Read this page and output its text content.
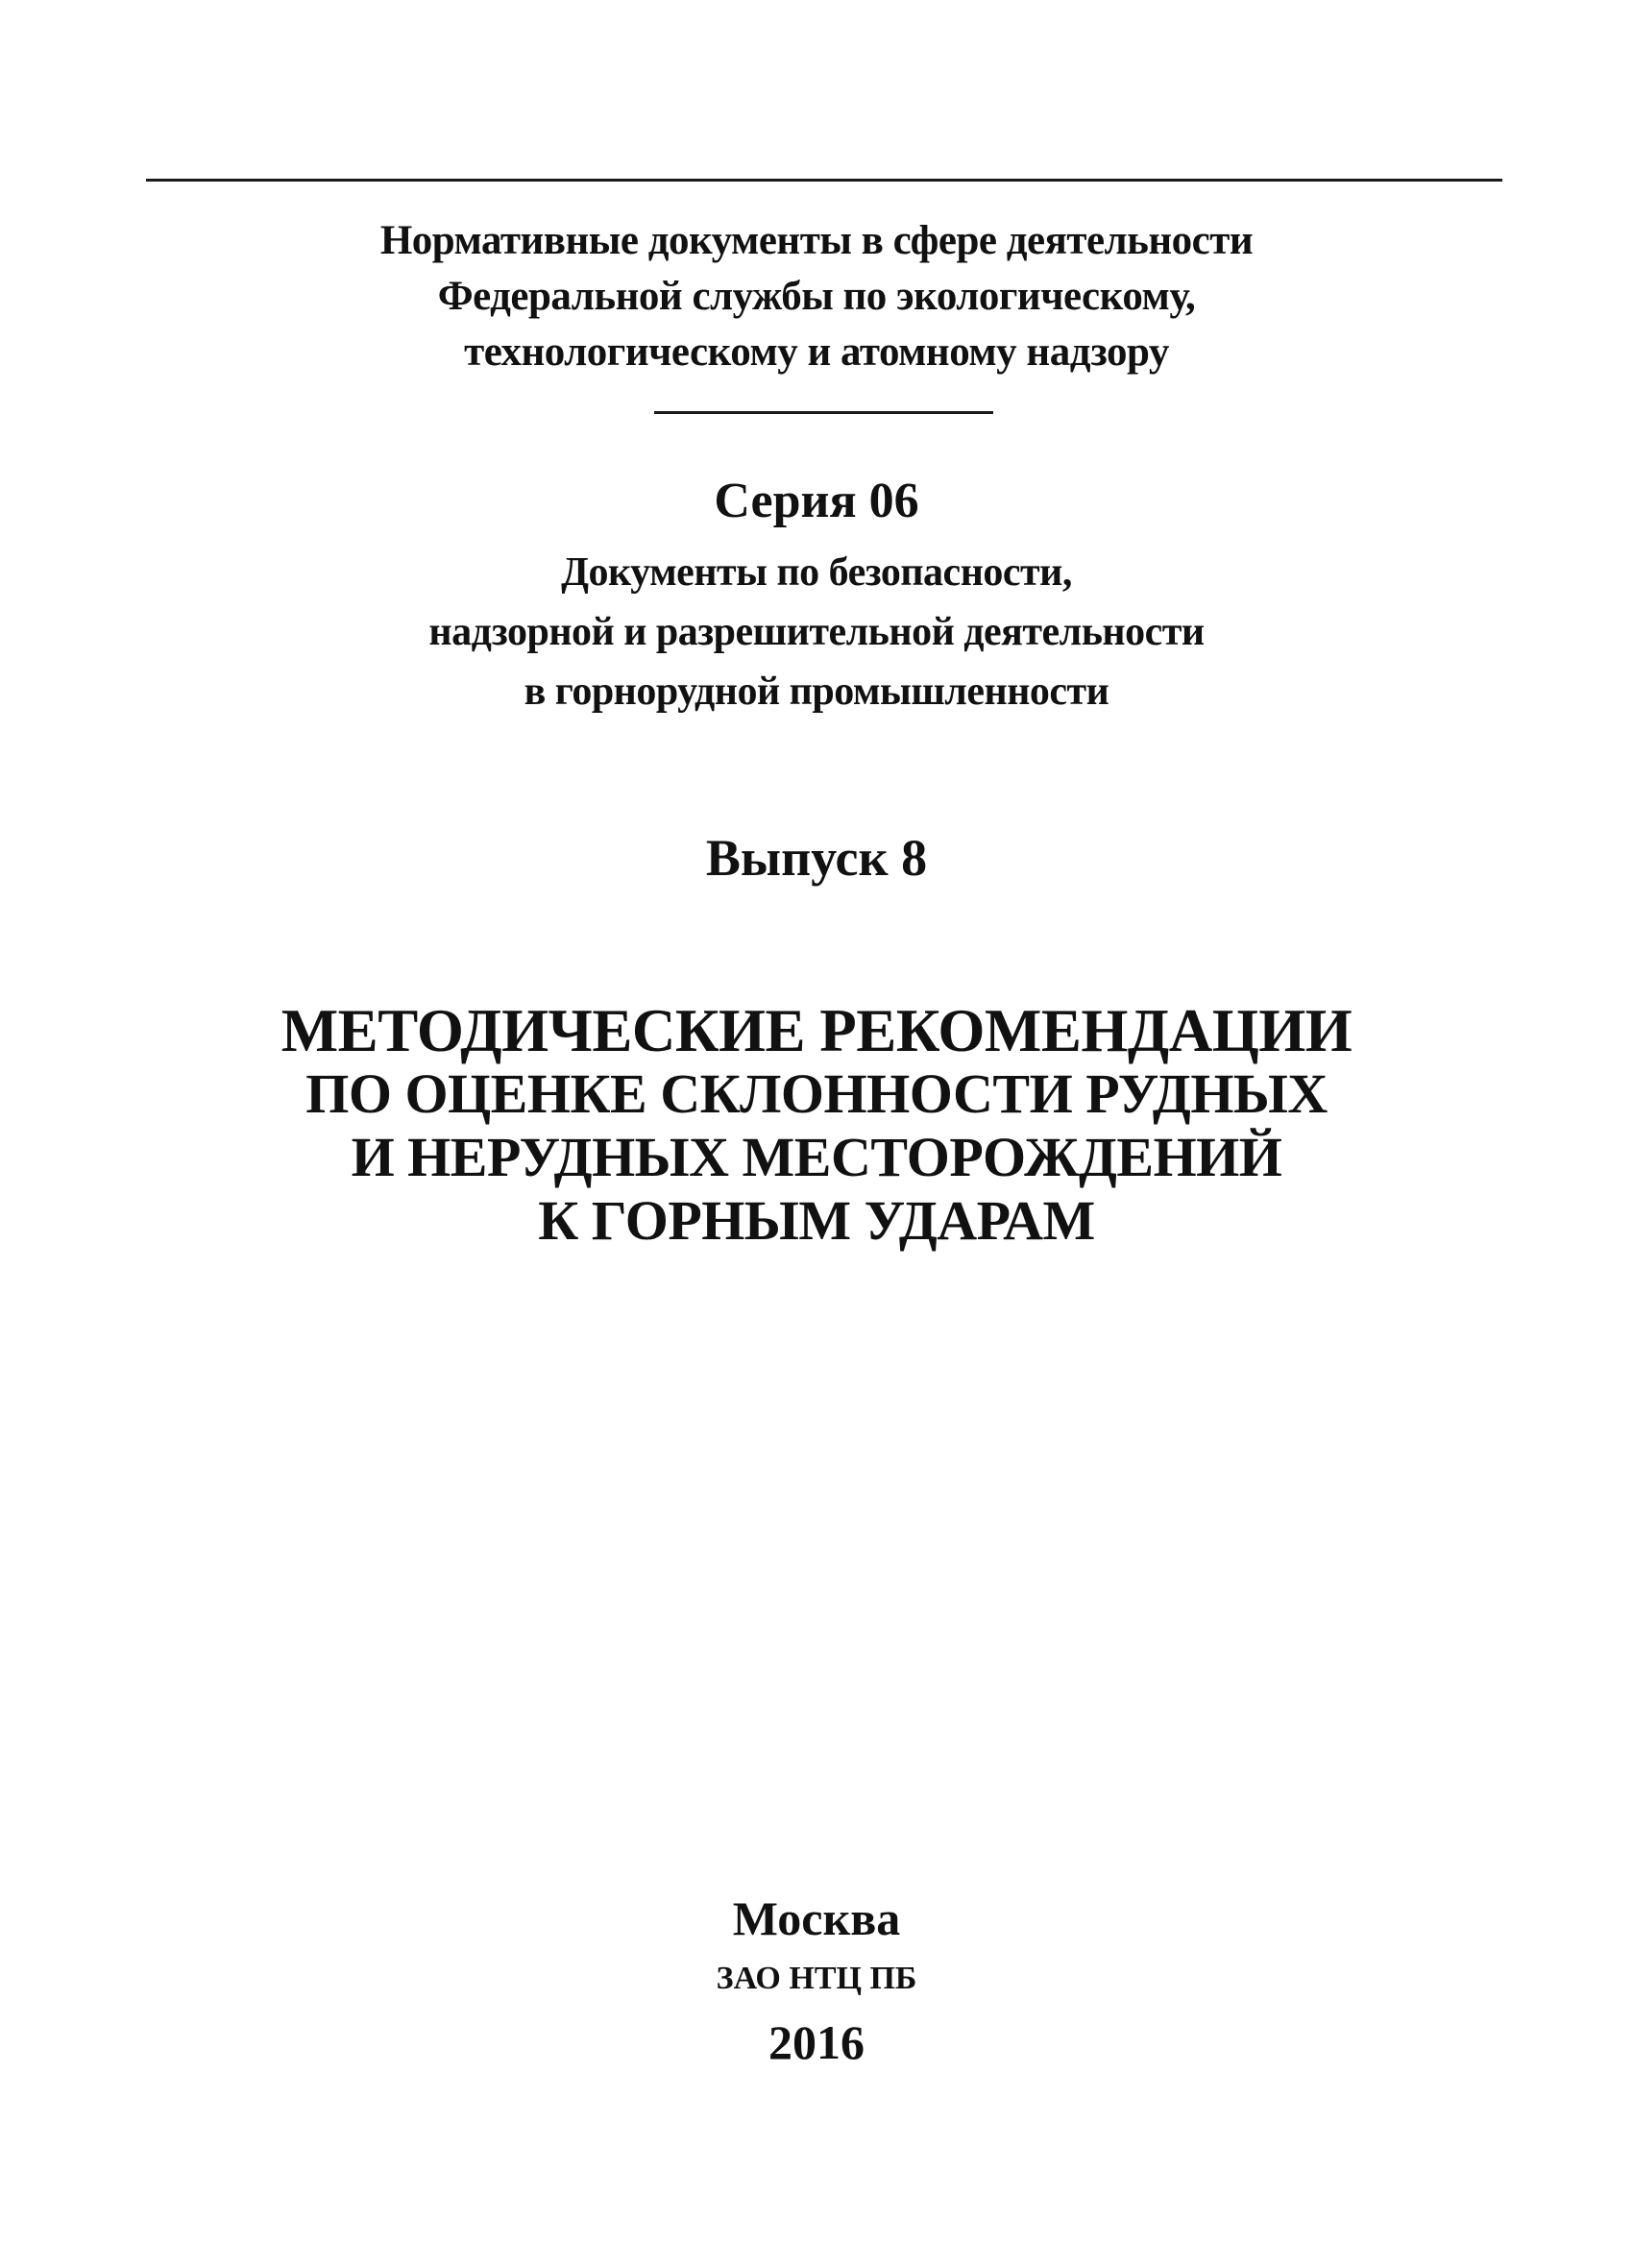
Нормативные документы в сфере деятельности
Федеральной службы по экологическому,
технологическому и атомному надзору
Серия 06
Документы по безопасности,
надзорной и разрешительной деятельности
в горнорудной промышленности
Выпуск 8
МЕТОДИЧЕСКИЕ РЕКОМЕНДАЦИИ
ПО ОЦЕНКЕ СКЛОННОСТИ РУДНЫХ
И НЕРУДНЫХ МЕСТОРОЖДЕНИЙ
К ГОРНЫМ УДАРАМ
Москва
ЗАО НТЦ ПБ
2016
